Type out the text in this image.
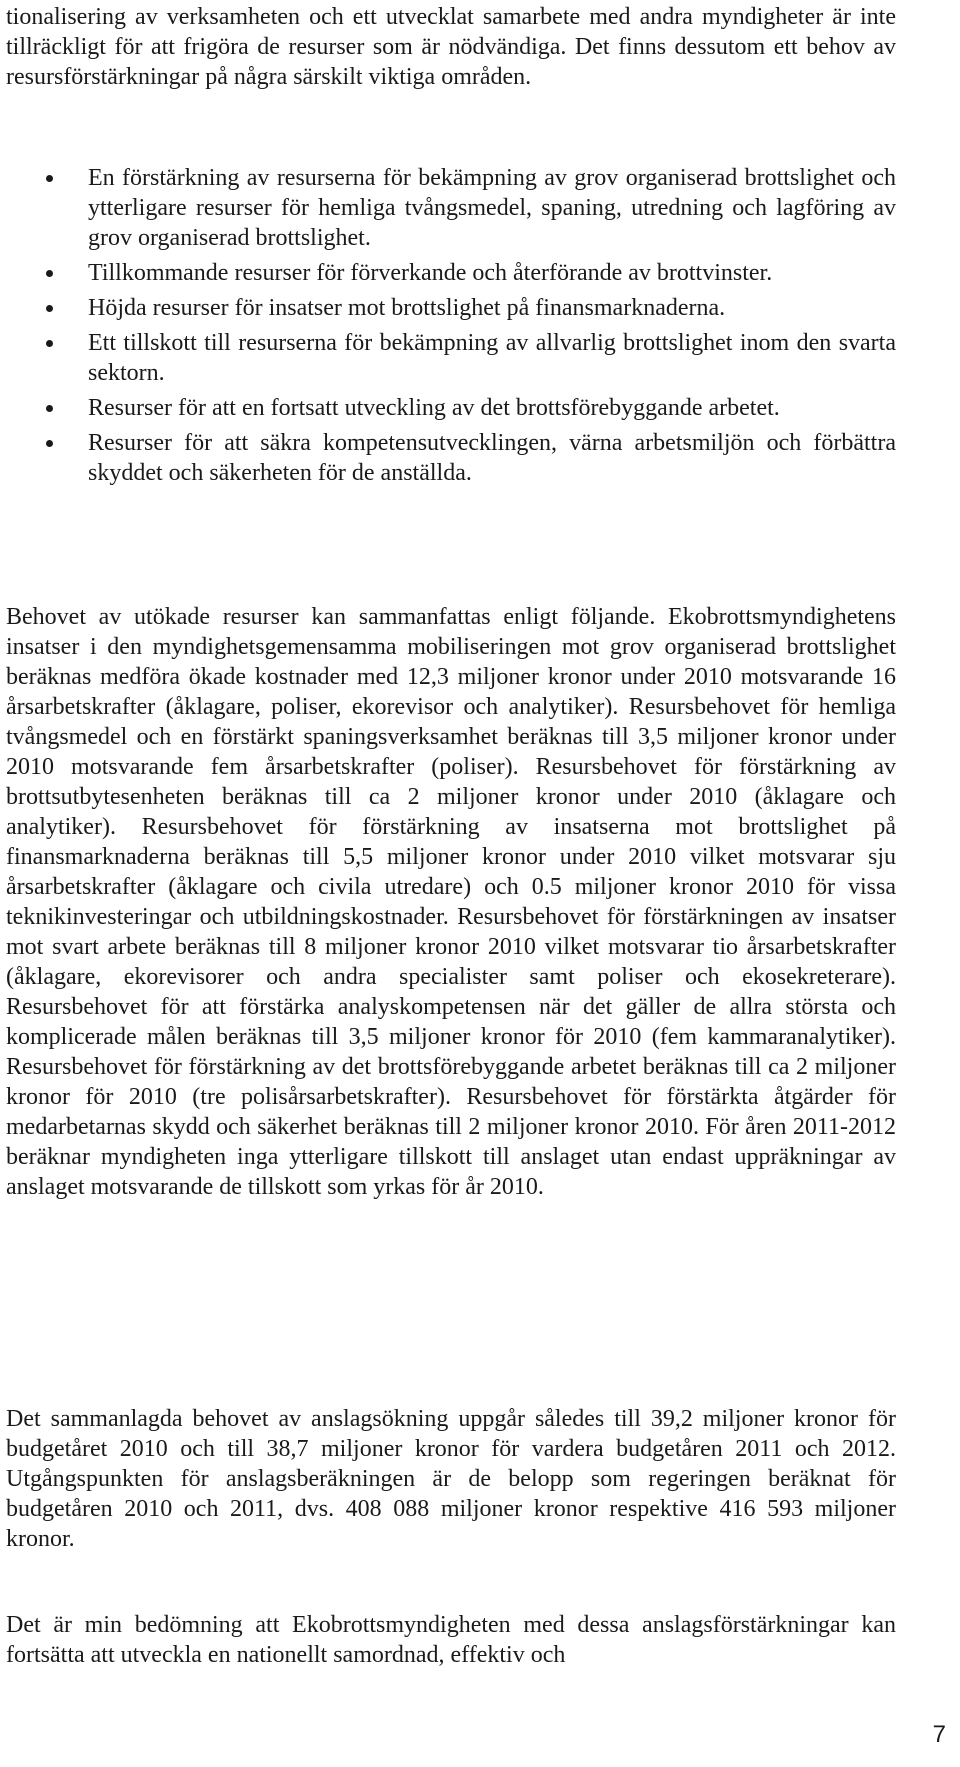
tionalisering av verksamheten och ett utvecklat samarbete med andra myndigheter är inte tillräckligt för att frigöra de resurser som är nödvändiga. Det finns dessutom ett behov av resursförstärkningar på några särskilt viktiga områden.

En förstärkning av resurserna för bekämpning av grov organiserad brottslighet och ytterligare resurser för hemliga tvångsmedel, spaning, utredning och lagföring av grov organiserad brottslighet.
Tillkommande resurser för förverkande och återförande av brottvinster.
Höjda resurser för insatser mot brottslighet på finansmarknaderna.
Ett tillskott till resurserna för bekämpning av allvarlig brottslighet inom den svarta sektorn.
Resurser för att en fortsatt utveckling av det brottsförebyggande arbetet.
Resurser för att säkra kompetensutvecklingen, värna arbetsmiljön och förbättra skyddet och säkerheten för de anställda.

Behovet av utökade resurser kan sammanfattas enligt följande. Ekobrottsmyndighetens insatser i den myndighetsgemensamma mobiliseringen mot grov organiserad brottslighet beräknas medföra ökade kostnader med 12,3 miljoner kronor under 2010 motsvarande 16 årsarbetskrafter (åklagare, poliser, ekorevisor och analytiker). Resursbehovet för hemliga tvångsmedel och en förstärkt spaningsverksamhet beräknas till 3,5 miljoner kronor under 2010 motsvarande fem årsarbetskrafter (poliser). Resursbehovet för förstärkning av brottsutbytesenheten beräknas till ca 2 miljoner kronor under 2010 (åklagare och analytiker). Resursbehovet för förstärkning av insatserna mot brottslighet på finansmarknaderna beräknas till 5,5 miljoner kronor under 2010 vilket motsvarar sju årsarbetskrafter (åklagare och civila utredare) och 0.5 miljoner kronor 2010 för vissa teknikinvesteringar och utbildningskostnader. Resursbehovet för förstärkningen av insatser mot svart arbete beräknas till 8 miljoner kronor 2010 vilket motsvarar tio årsarbetskrafter (åklagare, ekorevisorer och andra specialister samt poliser och ekosekreterare). Resursbehovet för att förstärka analyskompetensen när det gäller de allra största och komplicerade målen beräknas till 3,5 miljoner kronor för 2010 (fem kammaranalytiker). Resursbehovet för förstärkning av det brottsförebyggande arbetet beräknas till ca 2 miljoner kronor för 2010 (tre polisårsarbetskrafter). Resursbehovet för förstärkta åtgärder för medarbetarnas skydd och säkerhet beräknas till 2 miljoner kronor 2010. För åren 2011-2012 beräknar myndigheten inga ytterligare tillskott till anslaget utan endast uppräkningar av anslaget motsvarande de tillskott som yrkas för år 2010.

Det sammanlagda behovet av anslagsökning uppgår således till 39,2 miljoner kronor för budgetåret 2010 och till 38,7 miljoner kronor för vardera budgetåren 2011 och 2012. Utgångspunkten för anslagsberäkningen är de belopp som regeringen beräknat för budgetåren 2010 och 2011, dvs. 408 088 miljoner kronor respektive 416 593 miljoner kronor.

Det är min bedömning att Ekobrottsmyndigheten med dessa anslagsförstärkningar kan fortsätta att utveckla en nationellt samordnad, effektiv och

7
